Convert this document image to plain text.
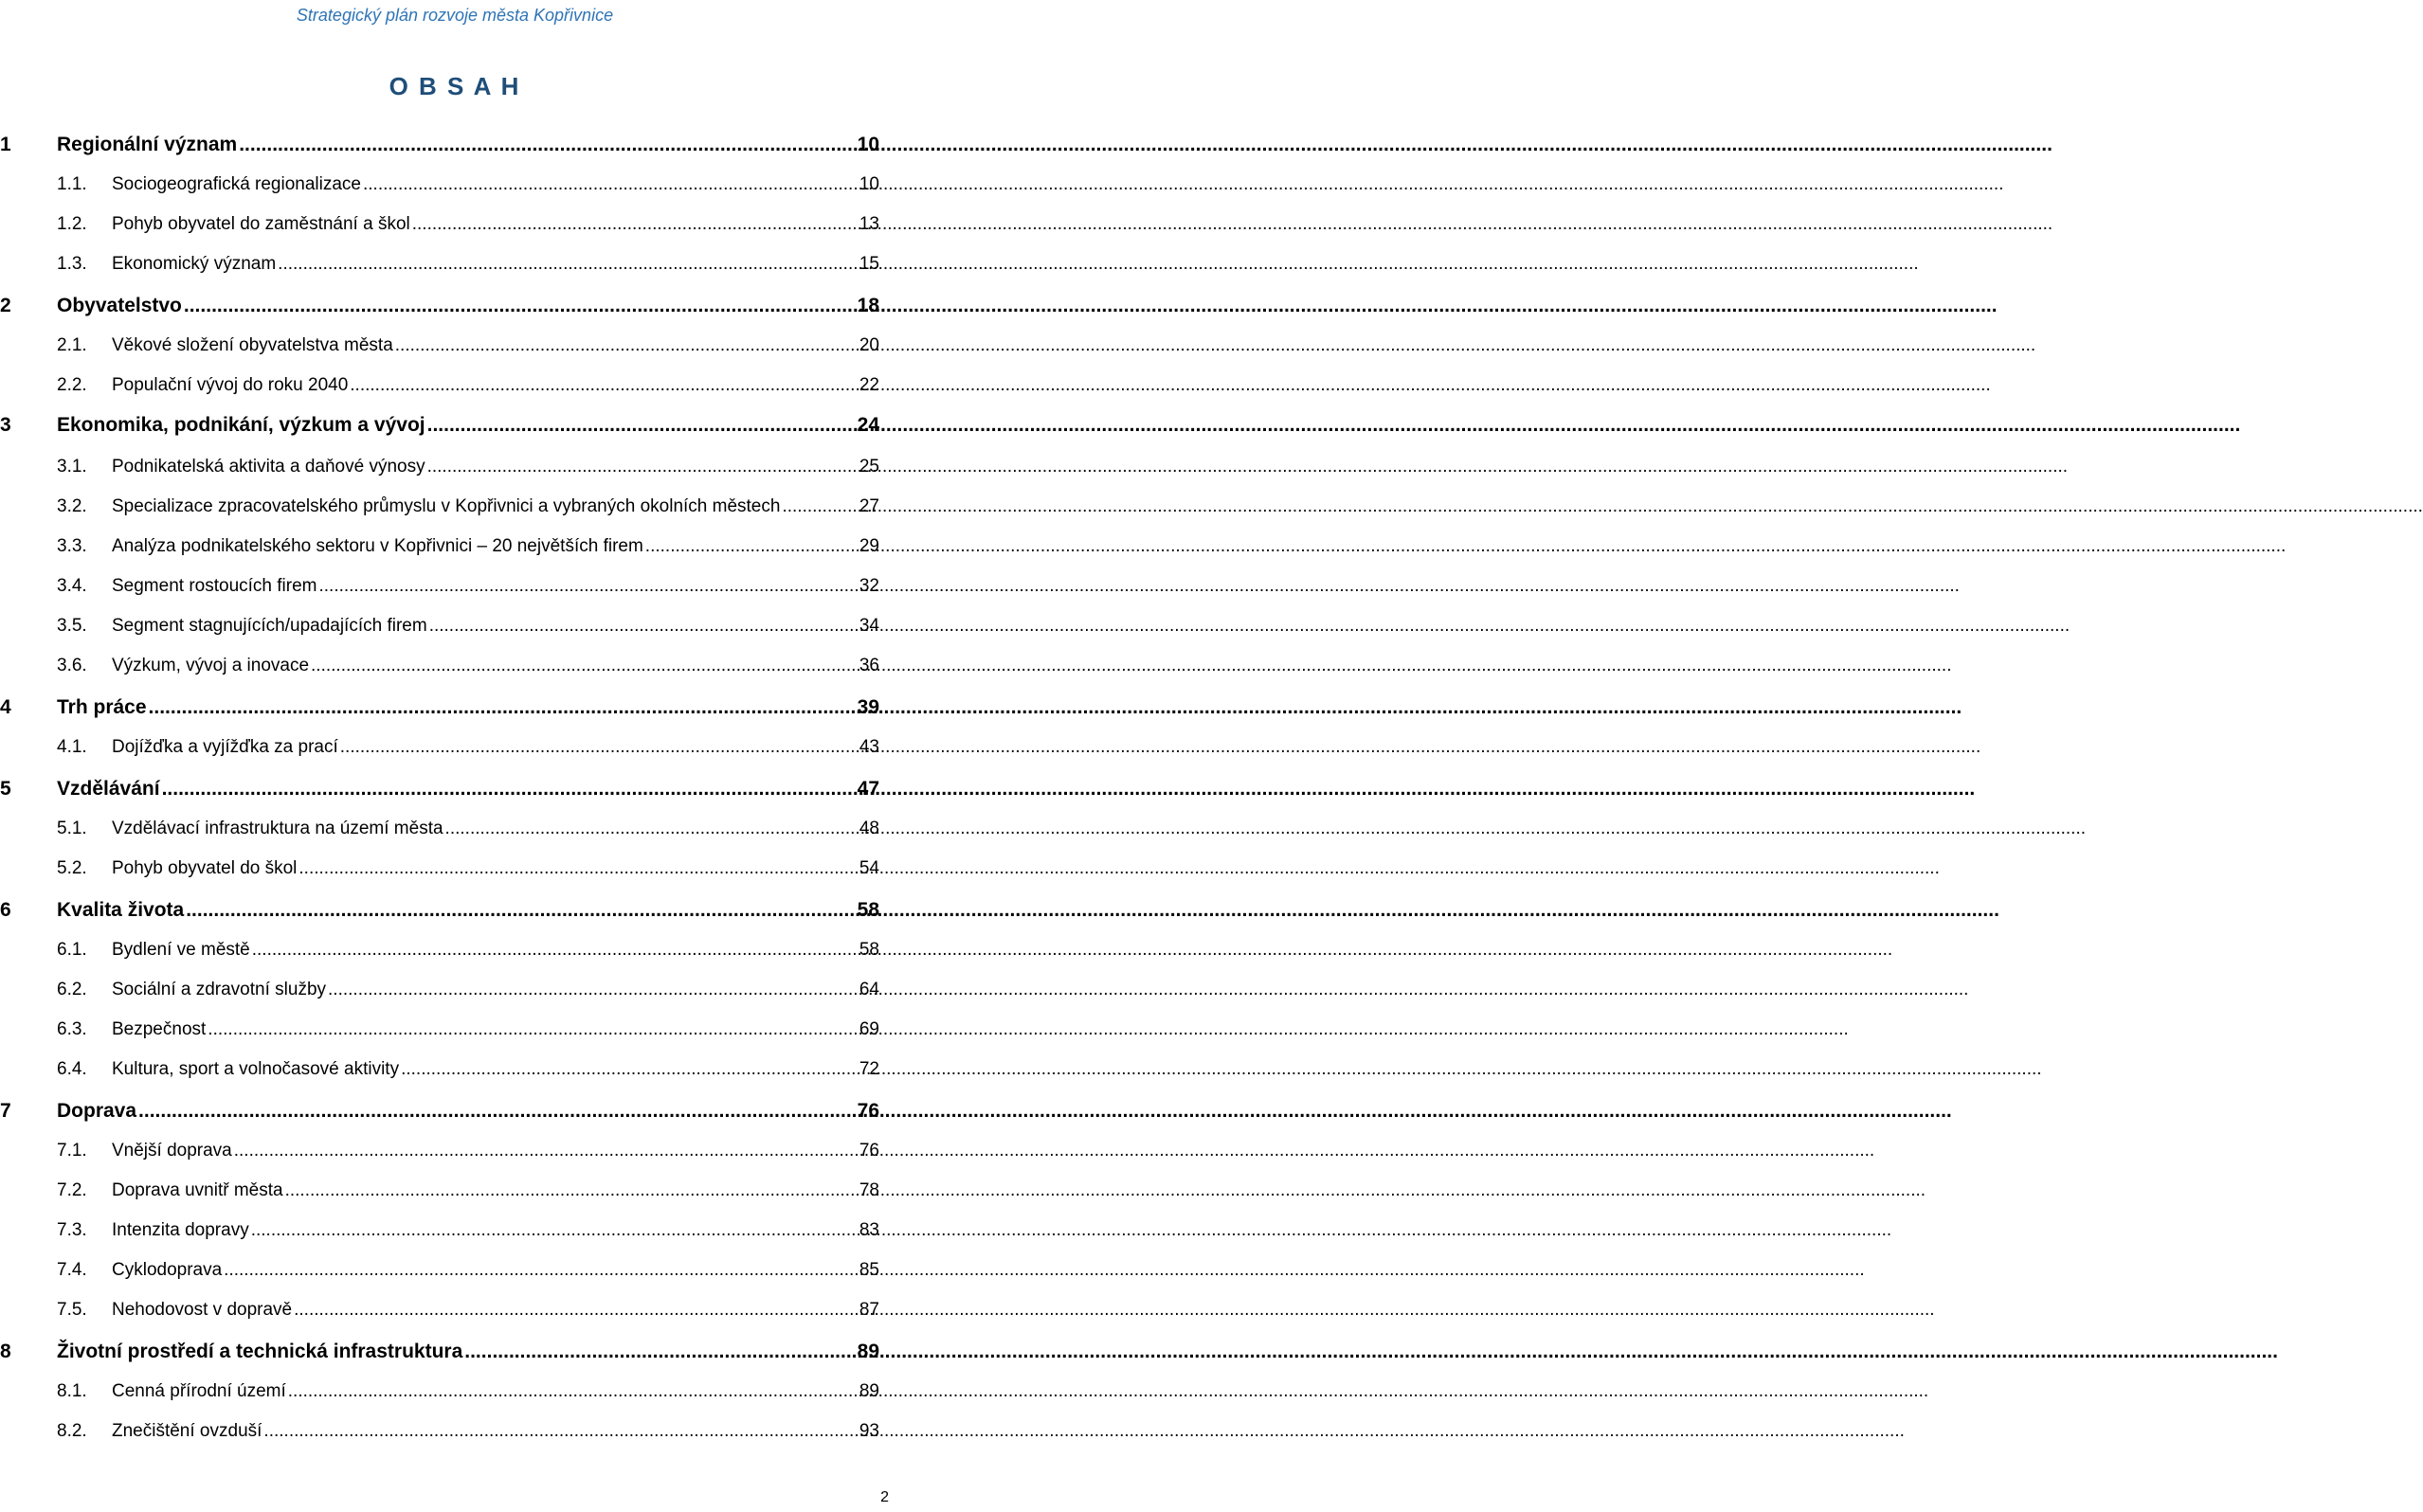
Strategický plán rozvoje města Kopřivnice
O B S A H
1	Regionální význam .....	10
1.1.	Sociogeografická regionalizace .....	10
1.2.	Pohyb obyvatel do zaměstnání a škol .....	13
1.3.	Ekonomický význam .....	15
2	Obyvatelstvo .....	18
2.1.	Věkové složení obyvatelstva města .....	20
2.2.	Populační vývoj do roku 2040 .....	22
3	Ekonomika, podnikání, výzkum a vývoj .....	24
3.1.	Podnikatelská aktivita a daňové výnosy .....	25
3.2.	Specializace zpracovatelského průmyslu v Kopřivnici a vybraných okolních městech .....	27
3.3.	Analýza podnikatelského sektoru v Kopřivnici – 20 největších firem .....	29
3.4.	Segment rostoucích firem .....	32
3.5.	Segment stagnujících/upadajících firem .....	34
3.6.	Výzkum, vývoj a inovace .....	36
4	Trh práce .....	39
4.1.	Dojížďka a vyjížďka za prací .....	43
5	Vzdělávání .....	47
5.1.	Vzdělávací infrastruktura na území města .....	48
5.2.	Pohyb obyvatel do škol .....	54
6	Kvalita života .....	58
6.1.	Bydlení ve městě .....	58
6.2.	Sociální a zdravotní služby .....	64
6.3.	Bezpečnost .....	69
6.4.	Kultura, sport a volnočasové aktivity .....	72
7	Doprava .....	76
7.1.	Vnější doprava .....	76
7.2.	Doprava uvnitř města .....	78
7.3.	Intenzita dopravy .....	83
7.4.	Cyklodoprava .....	85
7.5.	Nehodovost v dopravě .....	87
8	Životní prostředí a technická infrastruktura .....	89
8.1.	Cenná přírodní území .....	89
8.2.	Znečištění ovzduší .....	93
2
